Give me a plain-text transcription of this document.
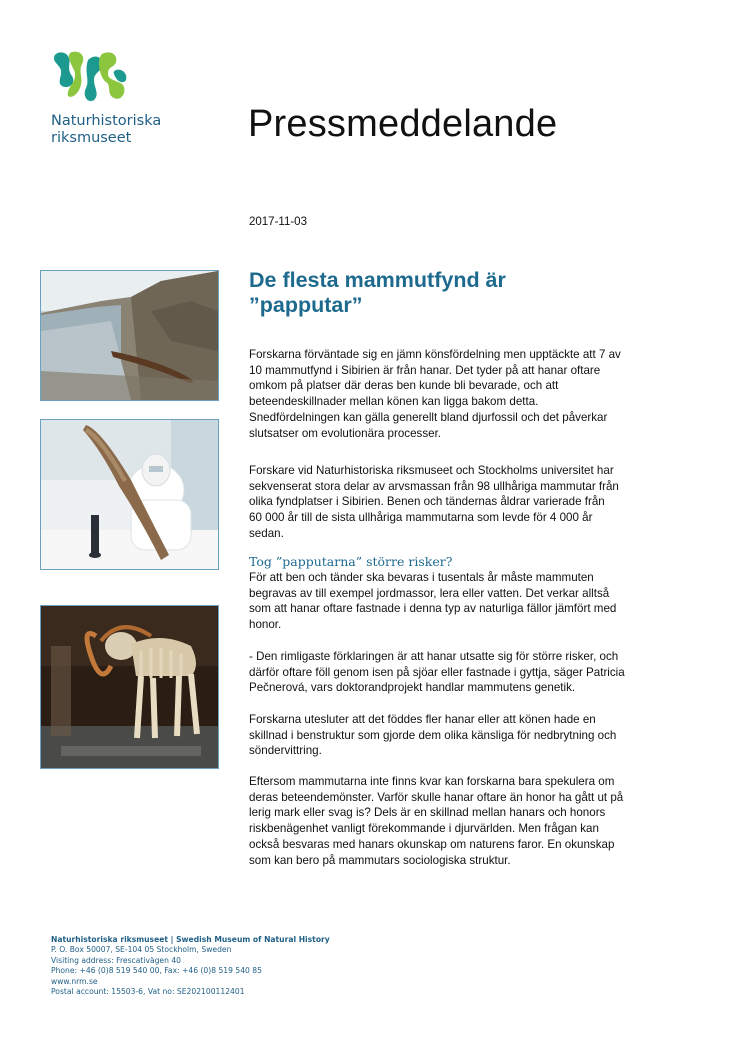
Naturhistoriska
riksmuseet	Pressmeddelande
2017-11-03
De flesta mammutfynd är
”papputar”
Forskarna förväntade sig en jämn könsfördelning men upptäckte att 7 av
10 mammutfynd i Sibirien är från hanar. Det tyder på att hanar oftare
omkom på platser där deras ben kunde bli bevarade, och att
beteendeskillnader mellan könen kan ligga bakom detta.
Snedfördelningen kan gälla generellt bland djurfossil och det påverkar
slutsatser om evolutionära processer.
Forskare vid Naturhistoriska riksmuseet och Stockholms universitet har
sekvenserat stora delar av arvsmassan från 98 ullhåriga mammutar från
olika fyndplatser i Sibirien. Benen och tändernas åldrar varierade från
60 000 år till de sista ullhåriga mammutarna som levde för 4 000 år
sedan.
Tog ”papputarna” större risker?
För att ben och tänder ska bevaras i tusentals år måste mammuten
begravas av till exempel jordmassor, lera eller vatten. Det verkar alltså
som att hanar oftare fastnade i denna typ av naturliga fällor jämfört med
honor.
- Den rimligaste förklaringen är att hanar utsatte sig för större risker, och
därför oftare föll genom isen på sjöar eller fastnade i gyttja, säger Patricia
Pečnerová, vars doktorandprojekt handlar mammutens genetik.
Forskarna utesluter att det föddes fler hanar eller att könen hade en
skillnad i benstruktur som gjorde dem olika känsliga för nedbrytning och
söndervittring.
Eftersom mammutarna inte finns kvar kan forskarna bara spekulera om
deras beteendemönster. Varför skulle hanar oftare än honor ha gått ut på
lerig mark eller svag is? Dels är en skillnad mellan hanars och honors
riskbenägenhet vanligt förekommande i djurvärlden. Men frågan kan
också besvaras med hanars okunskap om naturens faror. En okunskap
som kan bero på mammutars sociologiska struktur.
Naturhistoriska riksmuseet | Swedish Museum of Natural History
P. O. Box 50007, SE-104 05 Stockholm, Sweden
Visiting address: Frescativägen 40
Phone: +46 (0)8 519 540 00, Fax: +46 (0)8 519 540 85
www.nrm.se
Postal account: 15503-6, Vat no: SE202100112401
